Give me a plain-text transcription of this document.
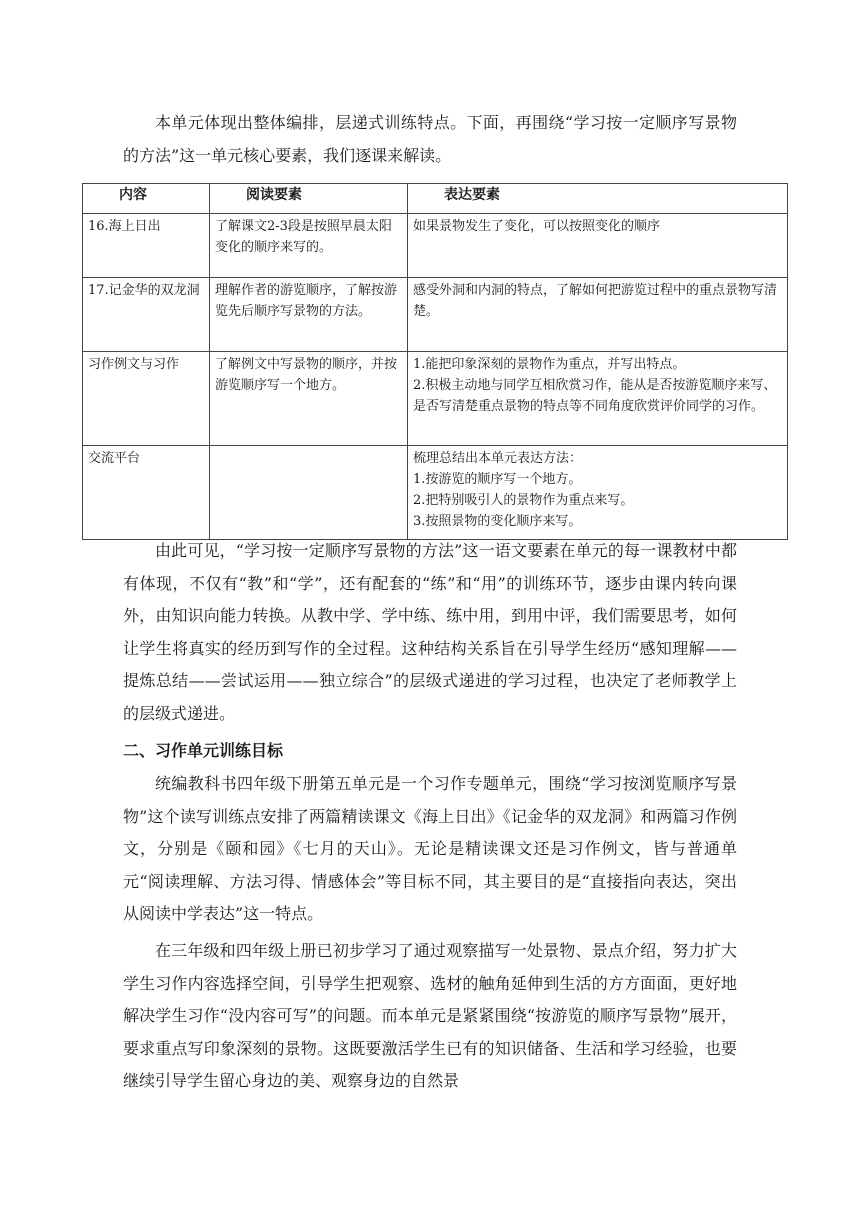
本单元体现出整体编排，层递式训练特点。下面，再围绕“学习按一定顺序写景物的方法”这一单元核心要素，我们逐课来解读。

内容	阅读要素	表达要素
16.海上日出	了解课文2-3段是按照早晨太阳变化的顺序来写的。	如果景物发生了变化，可以按照变化的顺序

17.记金华的双龙洞	理解作者的游览顺序，了解按游览先后顺序写景物的方法。	感受外洞和内洞的特点，了解如何把游览过程中的重点景物写清楚。

习作例文与习作	了解例文中写景物的顺序，并按游览顺序写一个地方。	1.能把印象深刻的景物作为重点，并写出特点。
2.积极主动地与同学互相欣赏习作，能从是否按游览顺序来写、是否写清楚重点景物的特点等不同角度欣赏评价同学的习作。

交流平台		梳理总结出本单元表达方法：
1.按游览的顺序写一个地方。
2.把特别吸引人的景物作为重点来写。
3.按照景物的变化顺序来写。

由此可见，“学习按一定顺序写景物的方法”这一语文要素在单元的每一课教材中都有体现，不仅有“教”和“学”，还有配套的“练”和“用”的训练环节，逐步由课内转向课外，由知识向能力转换。从教中学、学中练、练中用，到用中评，我们需要思考，如何让学生将真实的经历到写作的全过程。这种结构关系旨在引导学生经历“感知理解——提炼总结——尝试运用——独立综合”的层级式递进的学习过程，也决定了老师教学上的层级式递进。

二、习作单元训练目标

统编教科书四年级下册第五单元是一个习作专题单元，围绕“学习按浏览顺序写景物”这个读写训练点安排了两篇精读课文《海上日出》《记金华的双龙洞》和两篇习作例文，分别是《颐和园》《七月的天山》。无论是精读课文还是习作例文，皆与普通单元“阅读理解、方法习得、情感体会”等目标不同，其主要目的是“直接指向表达，突出从阅读中学表达”这一特点。

在三年级和四年级上册已初步学习了通过观察描写一处景物、景点介绍，努力扩大学生习作内容选择空间，引导学生把观察、选材的触角延伸到生活的方方面面，更好地解决学生习作“没内容可写”的问题。而本单元是紧紧围绕“按游览的顺序写景物”展开，要求重点写印象深刻的景物。这既要激活学生已有的知识储备、生活和学习经验，也要继续引导学生留心身边的美、观察身边的自然景
